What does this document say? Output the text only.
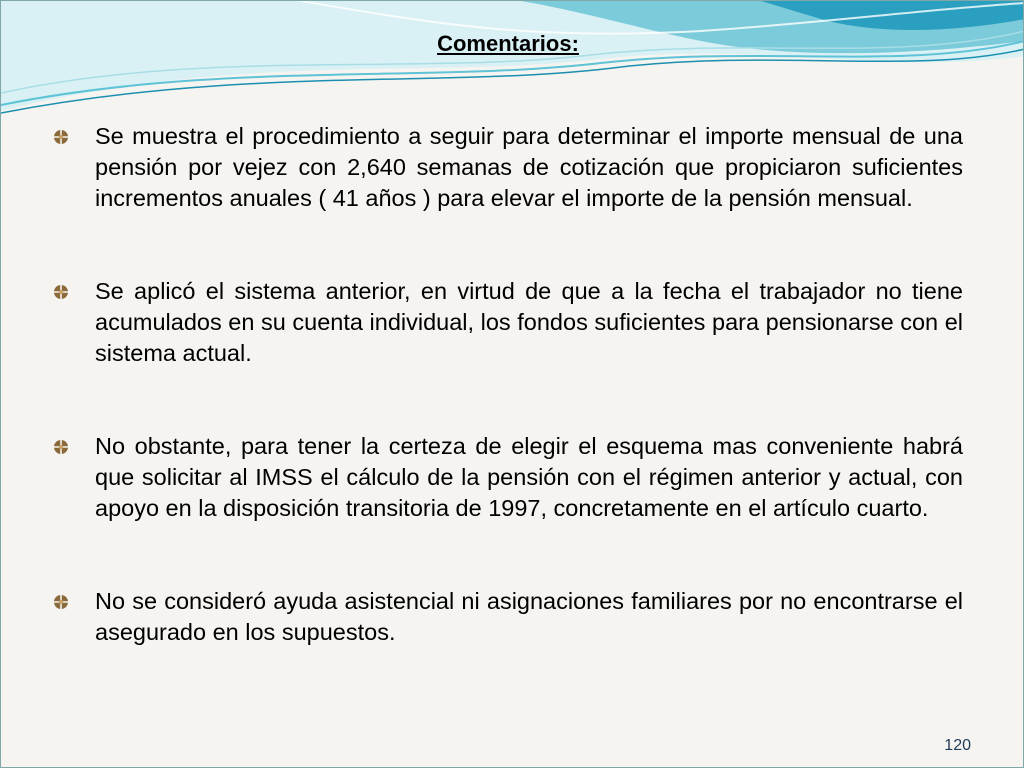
Comentarios:
Se muestra el procedimiento a seguir para determinar el importe mensual de una pensión por vejez con 2,640 semanas de cotización que propiciaron suficientes incrementos anuales ( 41 años ) para elevar el importe de la pensión mensual.
Se aplicó el sistema anterior, en virtud de que a la fecha el trabajador no tiene acumulados en su cuenta individual, los fondos suficientes para pensionarse con el sistema actual.
No obstante, para tener la certeza de elegir el esquema mas conveniente habrá que solicitar al IMSS el cálculo de la pensión con el régimen anterior y actual, con apoyo en la disposición transitoria de 1997, concretamente en el artículo cuarto.
No se consideró ayuda asistencial ni asignaciones familiares por no encontrarse el asegurado en los supuestos.
120
